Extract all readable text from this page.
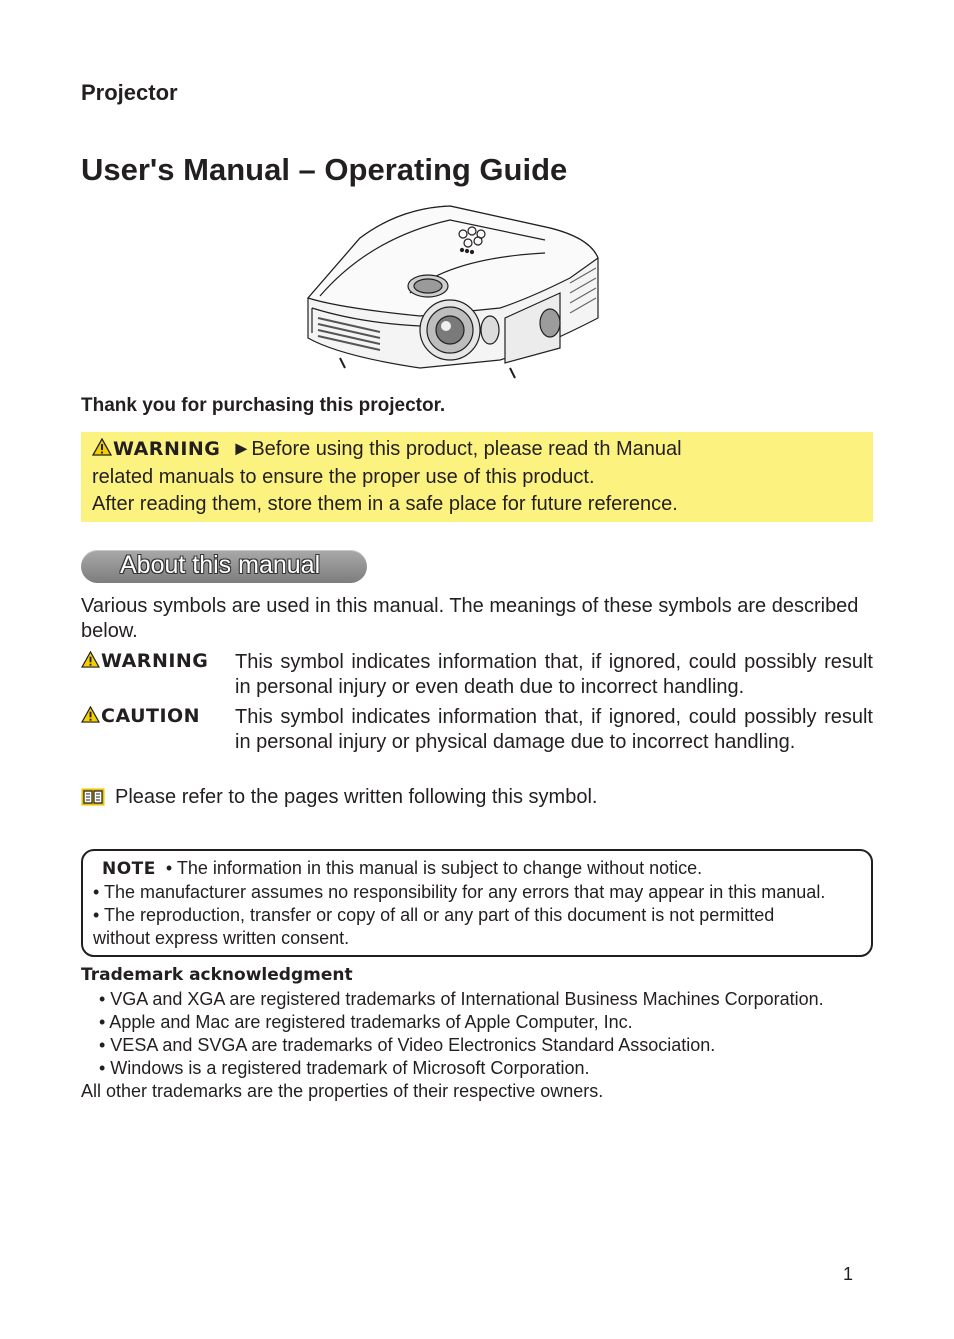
Projector
User's Manual – Operating Guide
Thank you for purchasing this projector.
WARNING ►Before using this product, please read th Manual
related manuals to ensure the proper use of this product.
After reading them, store them in a safe place for future reference.
About this manual
Various symbols are used in this manual. The meanings of these symbols are described below.
WARNING This symbol indicates information that, if ignored, could possibly result in personal injury or even death due to incorrect handling.
CAUTION This symbol indicates information that, if ignored, could possibly result in personal injury or physical damage due to incorrect handling.
Please refer to the pages written following this symbol.
NOTE • The information in this manual is subject to change without notice.
• The manufacturer assumes no responsibility for any errors that may appear in this manual.
• The reproduction, transfer or copy of all or any part of this document is not permitted
without express written consent.
Trademark acknowledgment
• VGA and XGA are registered trademarks of International Business Machines Corporation.
• Apple and Mac are registered trademarks of Apple Computer, Inc.
• VESA and SVGA are trademarks of Video Electronics Standard Association.
• Windows is a registered trademark of Microsoft Corporation.
All other trademarks are the properties of their respective owners.
1
